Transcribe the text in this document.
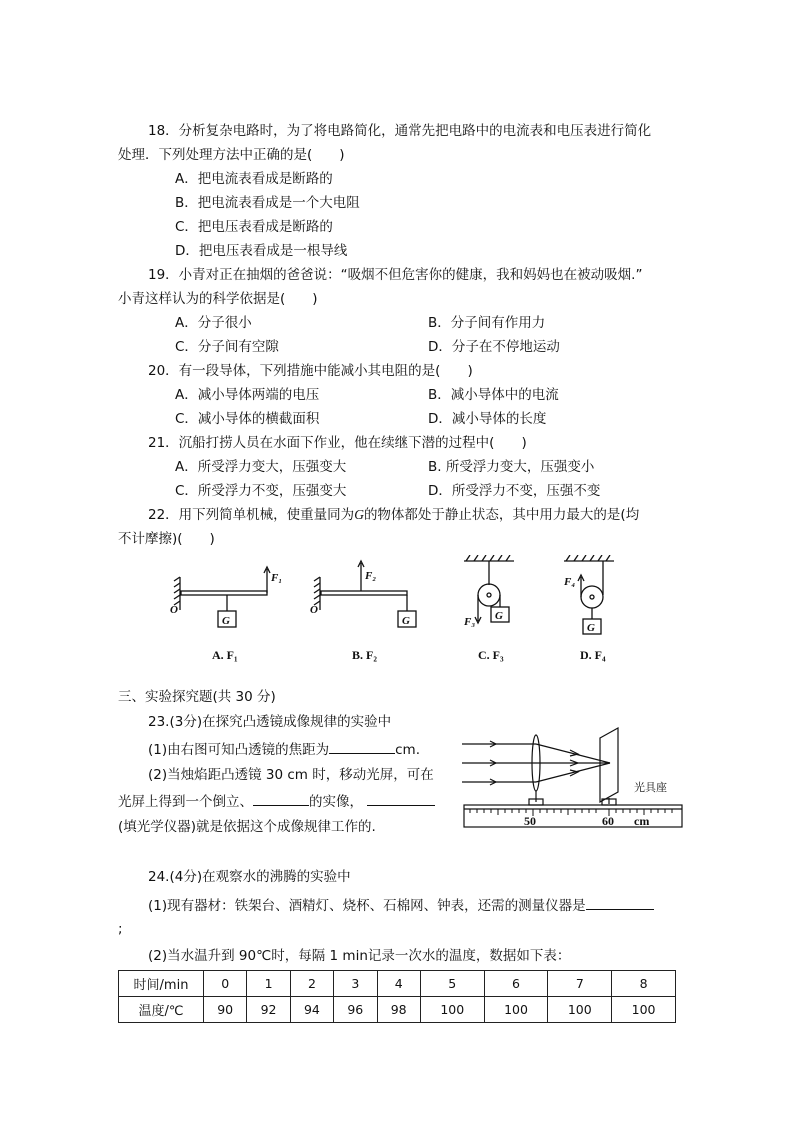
18．分析复杂电路时，为了将电路简化，通常先把电路中的电流表和电压表进行简化
处理．下列处理方法中正确的是(　　)
A．把电流表看成是断路的
B．把电流表看成是一个大电阻
C．把电压表看成是断路的
D．把电压表看成是一根导线
19．小青对正在抽烟的爸爸说：“吸烟不但危害你的健康，我和妈妈也在被动吸烟.”
小青这样认为的科学依据是(　　)
A．分子很小	B．分子间有作用力
C．分子间有空隙	D．分子在不停地运动
20．有一段导体，下列措施中能减小其电阻的是(　　)
A．减小导体两端的电压	B．减小导体中的电流
C．减小导体的横截面积	D．减小导体的长度
21．沉船打捞人员在水面下作业，他在续继下潜的过程中(　　)
A．所受浮力变大，压强变大	B. 所受浮力变大，压强变小
C．所受浮力不变，压强变大	D．所受浮力不变，压强不变
22．用下列简单机械，使重量同为G的物体都处于静止状态，其中用力最大的是(均
不计摩擦)(　　)
O
G
F₁
O
G
F₂
G
F₃	G
F₄
A. F₁	B. F₂	C. F₃	D. F₄
三、实验探究题(共 30 分)
23.(3分)在探究凸透镜成像规律的实验中
(1)由右图可知凸透镜的焦距为	cm.
(2)当烛焰距凸透镜 30 cm 时，移动光屏，可在
光屏上得到一个倒立、	的实像，
(填光学仪器)就是依据这个成像规律工作的.
光具座
50	60 cm
24.(4分)在观察水的沸腾的实验中
(1)现有器材：铁架台、酒精灯、烧杯、石棉网、钟表，还需的测量仪器是
;
(2)当水温升到 90℃时，每隔 1 min记录一次水的温度，数据如下表：
时间/min	0	1	2	3	4	5	6	7	8
温度/℃	90	92	94	96	98	100	100	100	100
